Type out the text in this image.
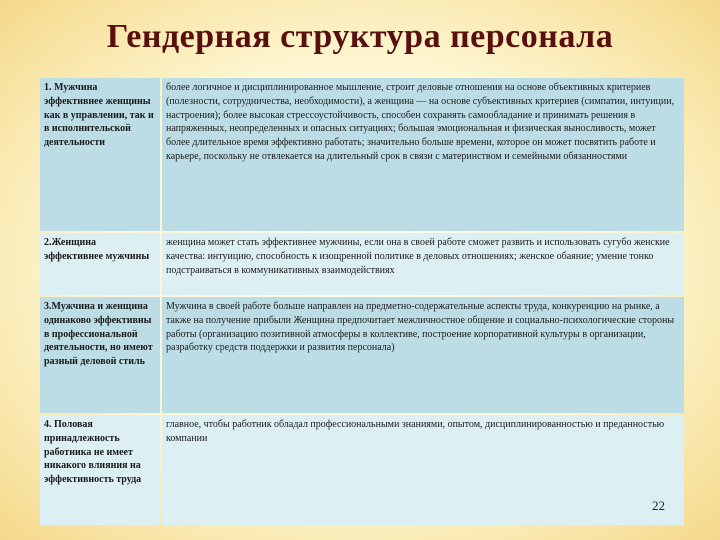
Гендерная структура персонала
1. Мужчина эффективнее женщины как в управлении, так и в исполнительской деятельности	более логичное и дисциплинированное мышление, строит деловые отношения на основе объективных критериев (полезности, сотрудничества, необходимости), а женщина — на основе субъективных критериев (симпатии, интуиции, настроения); более высокая стрессоустойчивость, способен сохранять самообладание и принимать решения в напряженных, неопределенных и опасных ситуациях; большая эмоциональная и физическая выносливость, может более длительное время эффективно работать; значительно больше времени, которое он может посвятить работе и карьере, поскольку не отвлекается на длительный срок в связи с материнством и семейными обязанностями
2.Женщина эффективнее мужчины	женщина может стать эффективнее мужчины, если она в своей работе сможет развить и использовать сугубо женские качества: интуицию, способность к изощренной политике в деловых отношениях; женское обаяние; умение тонко подстраиваться в коммуникативных взаимодействиях
3.Мужчина и женщина одинаково эффективны в профессиональной деятельности, но имеют разный деловой стиль	Мужчина в своей работе больше направлен на предметно-содержательные аспекты труда, конкуренцию на рынке, а также на получение прибыли Женщина предпочитает межличностное общение и социально-психологические стороны работы (организацию позитивной атмосферы в коллективе, построение корпоративной культуры в организации, разработку средств поддержки и развития персонала)
4. Половая принадлежность работника не имеет никакого влияния на эффективность труда	главное, чтобы работник обладал профессиональными знаниями, опытом, дисциплинированностью и преданностью компании
22
